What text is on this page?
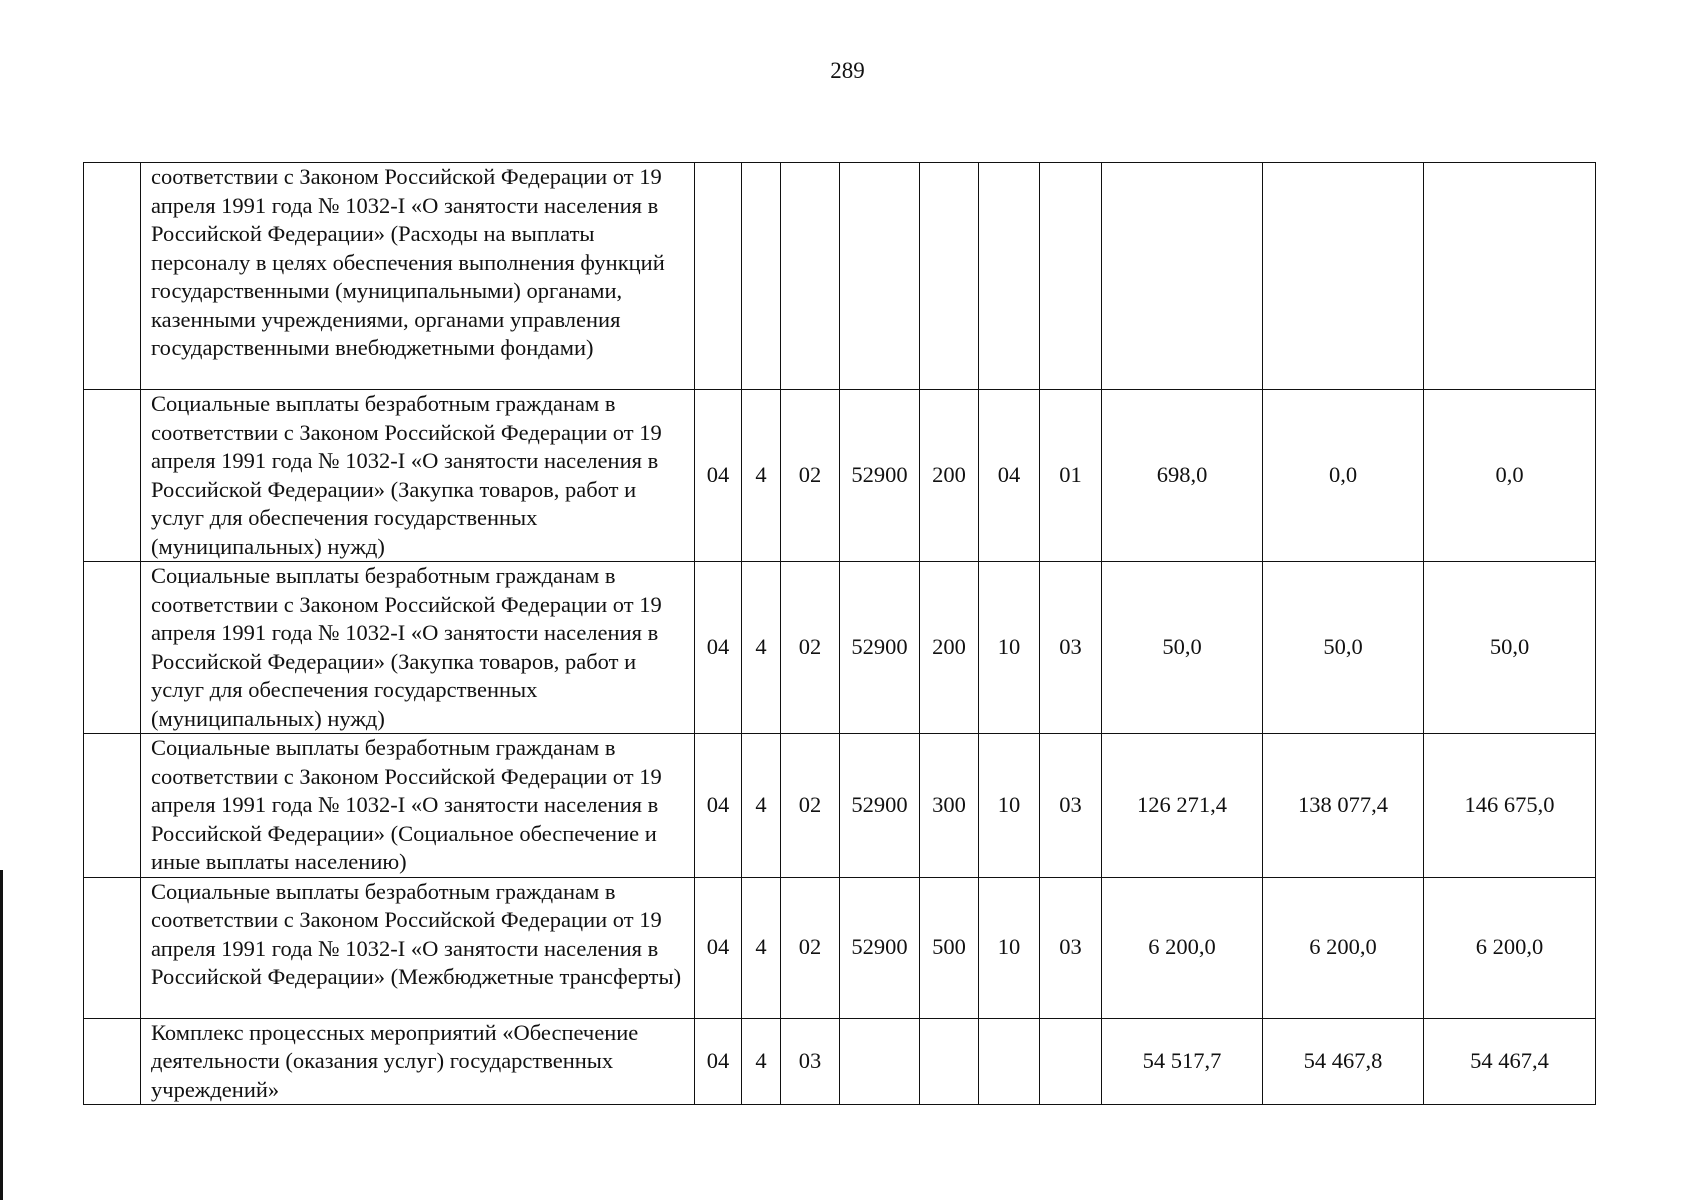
289
	соответствии с Законом Российской Федерации от 19 апреля 1991 года № 1032-I «О занятости населения в Российской Федерации» (Расходы на выплаты персоналу в целях обеспечения выполнения функций государственными (муниципальными) органами, казенными учреждениями, органами управления государственными внебюджетными фондами)										
	Социальные выплаты безработным гражданам в соответствии с Законом Российской Федерации от 19 апреля 1991 года № 1032-I «О занятости населения в Российской Федерации» (Закупка товаров, работ и услуг для обеспечения государственных (муниципальных) нужд)	04	4	02	52900	200	04	01	698,0	0,0	0,0
	Социальные выплаты безработным гражданам в соответствии с Законом Российской Федерации от 19 апреля 1991 года № 1032-I «О занятости населения в Российской Федерации» (Закупка товаров, работ и услуг для обеспечения государственных (муниципальных) нужд)	04	4	02	52900	200	10	03	50,0	50,0	50,0
	Социальные выплаты безработным гражданам в соответствии с Законом Российской Федерации от 19 апреля 1991 года № 1032-I «О занятости населения в Российской Федерации» (Социальное обеспечение и иные выплаты населению)	04	4	02	52900	300	10	03	126 271,4	138 077,4	146 675,0
	Социальные выплаты безработным гражданам в соответствии с Законом Российской Федерации от 19 апреля 1991 года № 1032-I «О занятости населения в Российской Федерации» (Межбюджетные трансферты)	04	4	02	52900	500	10	03	6 200,0	6 200,0	6 200,0
	Комплекс процессных мероприятий «Обеспечение деятельности (оказания услуг) государственных учреждений»	04	4	03					54 517,7	54 467,8	54 467,4
